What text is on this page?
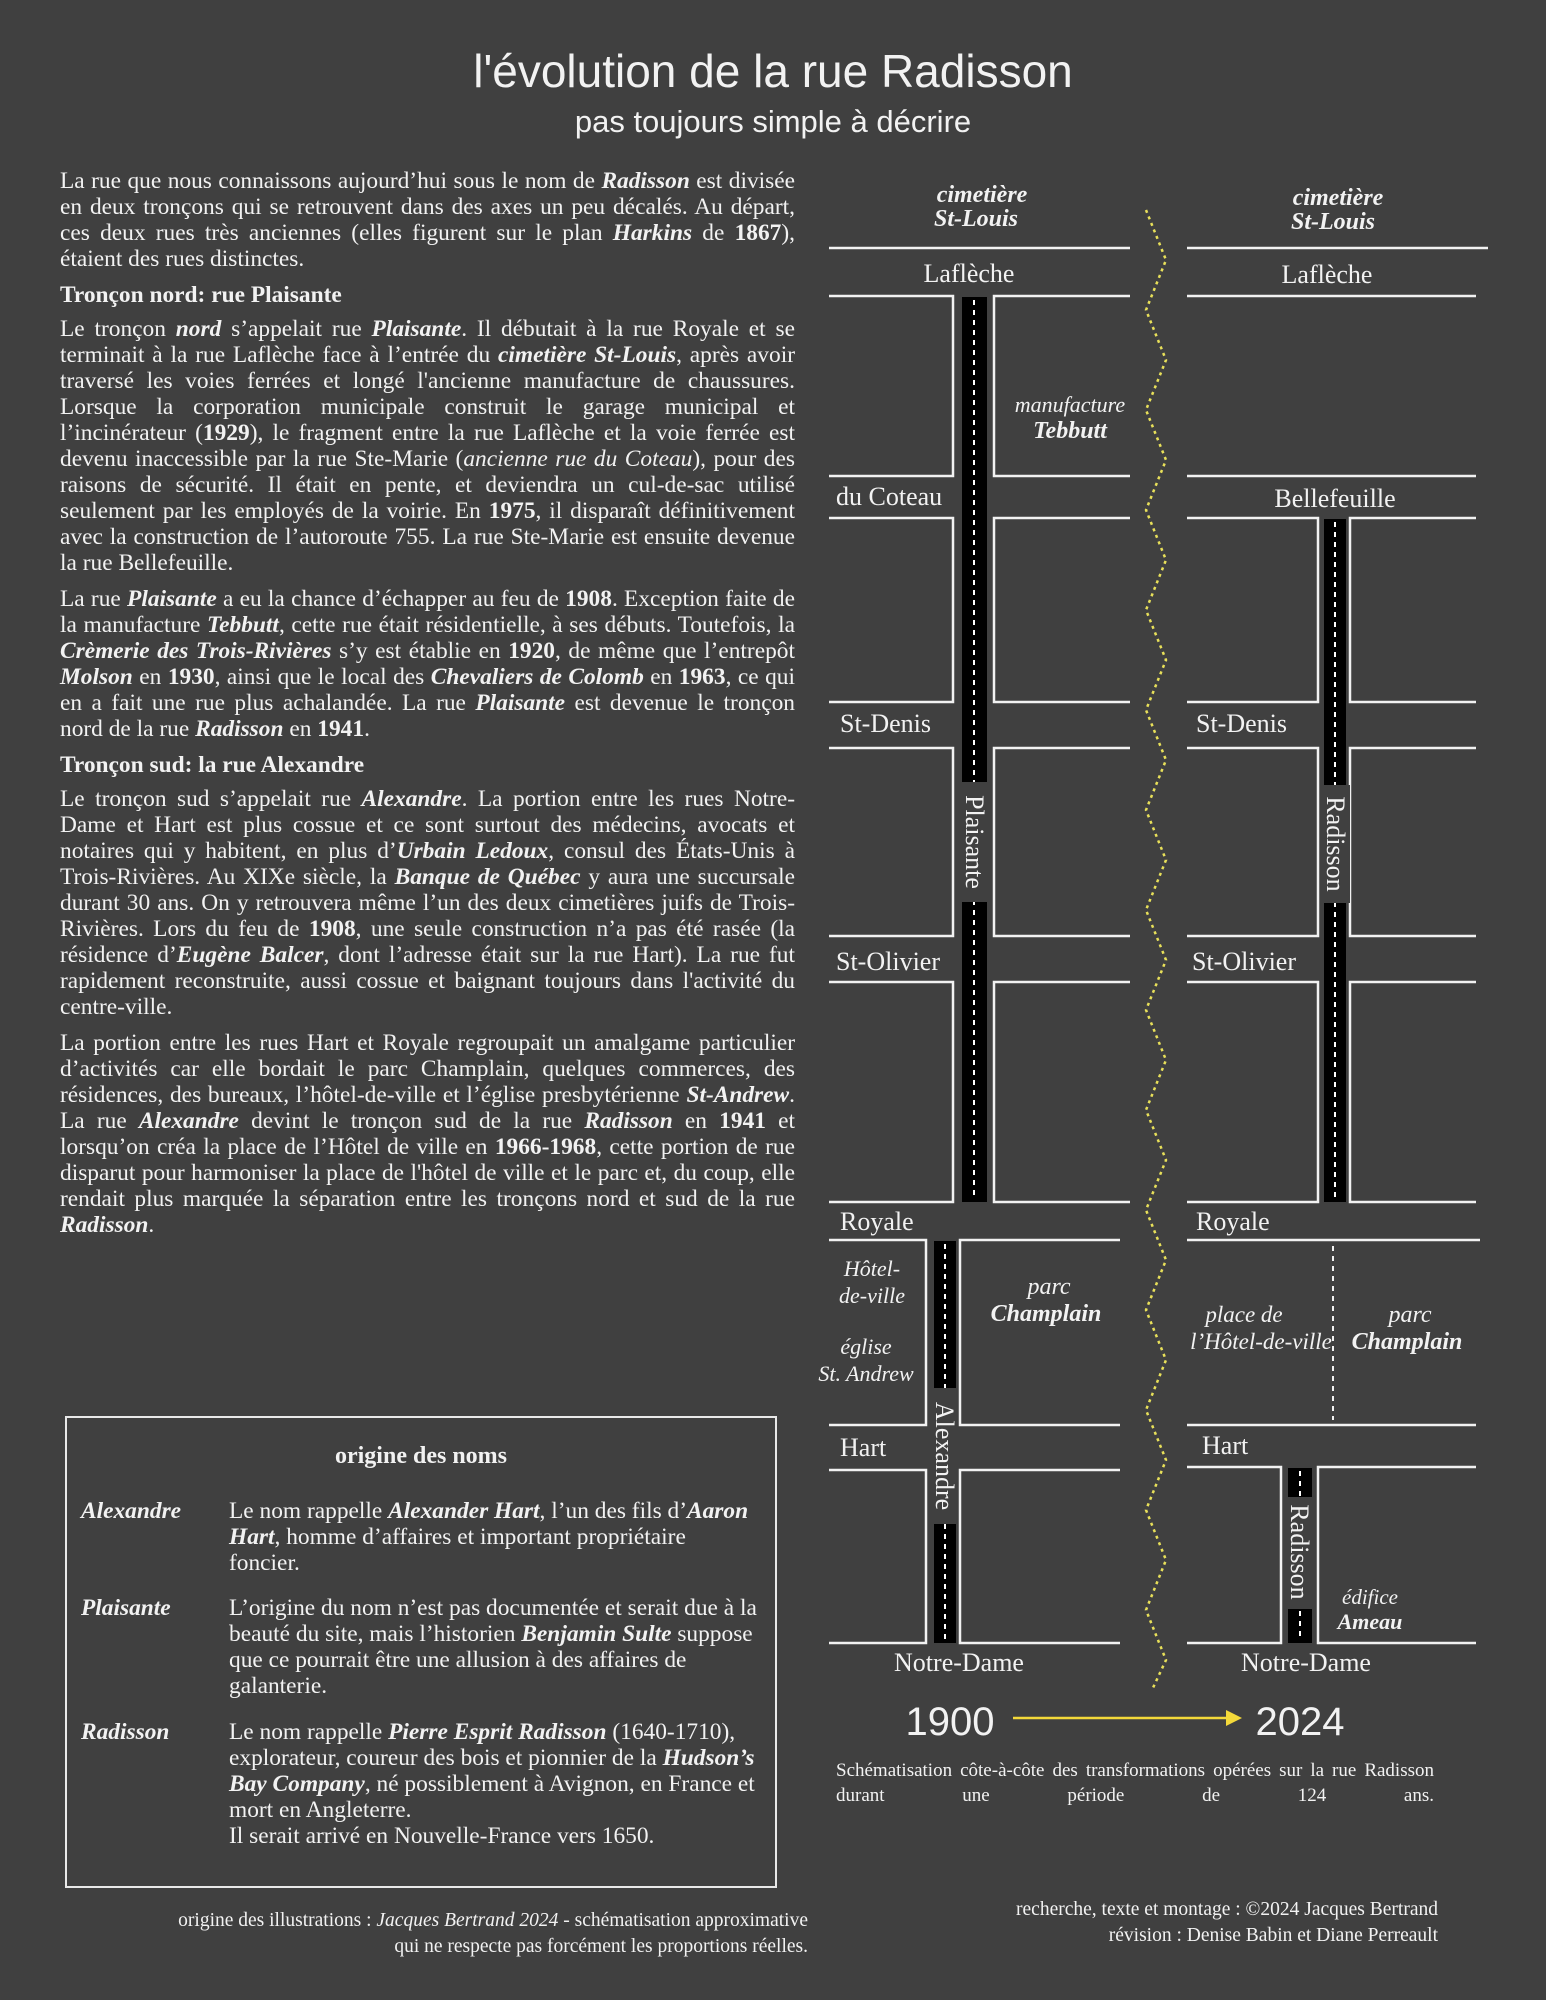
l'évolution de la rue Radisson
pas toujours simple à décrire

La rue que nous connaissons aujourd’hui sous le nom de Radisson est divisée en deux tronçons qui se retrouvent dans des axes un peu décalés. Au départ, ces deux rues très anciennes (elles figurent sur le plan Harkins de 1867), étaient des rues distinctes.

Tronçon nord: rue Plaisante

Le tronçon nord s’appelait rue Plaisante. Il débutait à la rue Royale et se terminait à la rue Laflèche face à l’entrée du cimetière St-Louis, après avoir traversé les voies ferrées et longé l'ancienne manufacture de chaussures. Lorsque la corporation municipale construit le garage municipal et l’incinérateur (1929), le fragment entre la rue Laflèche et la voie ferrée est devenu inaccessible par la rue Ste-Marie (ancienne rue du Coteau), pour des raisons de sécurité. Il était en pente, et deviendra un cul-de-sac utilisé seulement par les employés de la voirie. En 1975, il disparaît définitivement avec la construction de l’autoroute 755. La rue Ste-Marie est ensuite devenue la rue Bellefeuille.

La rue Plaisante a eu la chance d’échapper au feu de 1908. Exception faite de la manufacture Tebbutt, cette rue était résidentielle, à ses débuts. Toutefois, la Crèmerie des Trois-Rivières s’y est établie en 1920, de même que l’entrepôt Molson en 1930, ainsi que le local des Chevaliers de Colomb en 1963, ce qui en a fait une rue plus achalandée. La rue Plaisante est devenue le tronçon nord de la rue Radisson en 1941.

Tronçon sud: la rue Alexandre

Le tronçon sud s’appelait rue Alexandre. La portion entre les rues Notre-Dame et Hart est plus cossue et ce sont surtout des médecins, avocats et notaires qui y habitent, en plus d’Urbain Ledoux, consul des États-Unis à Trois-Rivières. Au XIXe siècle, la Banque de Québec y aura une succursale durant 30 ans. On y retrouvera même l’un des deux cimetières juifs de Trois-Rivières. Lors du feu de 1908, une seule construction n’a pas été rasée (la résidence d’Eugène Balcer, dont l’adresse était sur la rue Hart). La rue fut rapidement reconstruite, aussi cossue et baignant toujours dans l'activité du centre-ville.

La portion entre les rues Hart et Royale regroupait un amalgame particulier d’activités car elle bordait le parc Champlain, quelques commerces, des résidences, des bureaux, l’hôtel-de-ville et l’église presbytérienne St-Andrew. La rue Alexandre devint le tronçon sud de la rue Radisson en 1941 et lorsqu’on créa la place de l’Hôtel de ville en 1966-1968, cette portion de rue disparut pour harmoniser la place de l'hôtel de ville et le parc et, du coup, elle rendait plus marquée la séparation entre les tronçons nord et sud de la rue Radisson.

origine des noms
Alexandre Le nom rappelle Alexander Hart, l’un des fils d’Aaron Hart, homme d’affaires et important propriétaire foncier.
Plaisante L’origine du nom n’est pas documentée et serait due à la beauté du site, mais l’historien Benjamin Sulte suppose que ce pourrait être une allusion à des affaires de galanterie.
Radisson	Le nom rappelle Pierre Esprit Radisson (1640-1710), explorateur, coureur des bois et pionnier de la Hudson’s Bay Company, né possiblement à Avignon, en France et mort en Angleterre.
Il serait arrivé en Nouvelle-France vers 1650.
origine des illustrations : Jacques Bertrand 2024 - schématisation approximative
qui ne respecte pas forcément les proportions réelles.
recherche, texte et montage : ©2024 Jacques Bertrand
révision : Denise Babin et Diane Perreault
Schématisation côte-à-côte des transformations opérées sur la rue Radisson durant une période de 124 ans.
cimetière
St-Louis
Laflèche
du Coteau
St-Denis
St-Olivier
Royale
Hart
Notre-Dame
manufacture
Tebbutt
Hôtel-
de-ville
église
St. Andrew
parc
Champlain
Plaisante
Alexandre
cimetière
St-Louis
Laflèche
Bellefeuille
St-Denis
St-Olivier
Royale
Hart
Notre-Dame
place de
l’Hôtel-de-ville
parc
Champlain
édifice
Ameau
Radisson
Radisson
1900	2024
